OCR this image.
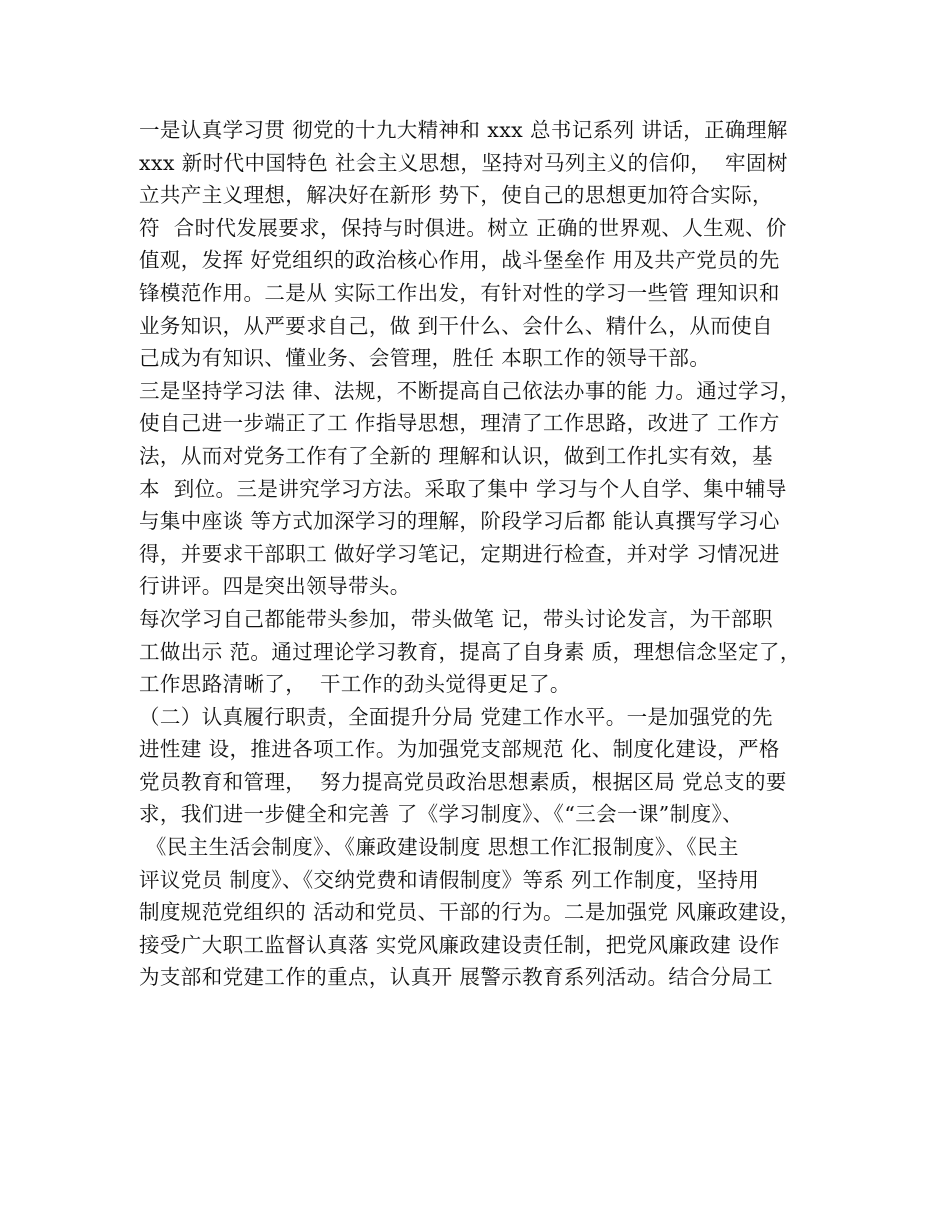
一是认真学习贯 彻党的十九大精神和 xxx 总书记系列 讲话，正确理解
xxx 新时代中国特色 社会主义思想，坚持对马列主义的信仰，  牢固树
立共产主义理想，解决好在新形 势下，使自己的思想更加符合实际，
符  合时代发展要求，保持与时俱进。树立 正确的世界观、人生观、价
值观，发挥 好党组织的政治核心作用，战斗堡垒作 用及共产党员的先
锋模范作用。二是从 实际工作出发，有针对性的学习一些管 理知识和
业务知识，从严要求自己，做 到干什么、会什么、精什么，从而使自
己成为有知识、懂业务、会管理，胜任 本职工作的领导干部。
三是坚持学习法 律、法规，不断提高自己依法办事的能 力。通过学习，
使自己进一步端正了工 作指导思想，理清了工作思路，改进了 工作方
法，从而对党务工作有了全新的 理解和认识，做到工作扎实有效，基
本  到位。三是讲究学习方法。采取了集中 学习与个人自学、集中辅导
与集中座谈 等方式加深学习的理解，阶段学习后都 能认真撰写学习心
得，并要求干部职工 做好学习笔记，定期进行检查，并对学 习情况进
行讲评。四是突出领导带头。
每次学习自己都能带头参加，带头做笔 记，带头讨论发言，为干部职
工做出示 范。通过理论学习教育，提高了自身素 质，理想信念坚定了，
工作思路清晰了，  干工作的劲头觉得更足了。
（二）认真履行职责，全面提升分局 党建工作水平。一是加强党的先
进性建 设，推进各项工作。为加强党支部规范 化、制度化建设，严格
党员教育和管理，  努力提高党员政治思想素质，根据区局 党总支的要
求，我们进一步健全和完善 了《学习制度》、《“三会一课”制度》、
《民主生活会制度》、《廉政建设制度 思想工作汇报制度》、《民主
评议党员 制度》、《交纳党费和请假制度》等系 列工作制度，坚持用
制度规范党组织的 活动和党员、干部的行为。二是加强党 风廉政建设，
接受广大职工监督认真落 实党风廉政建设责任制，把党风廉政建 设作
为支部和党建工作的重点，认真开 展警示教育系列活动。结合分局工
